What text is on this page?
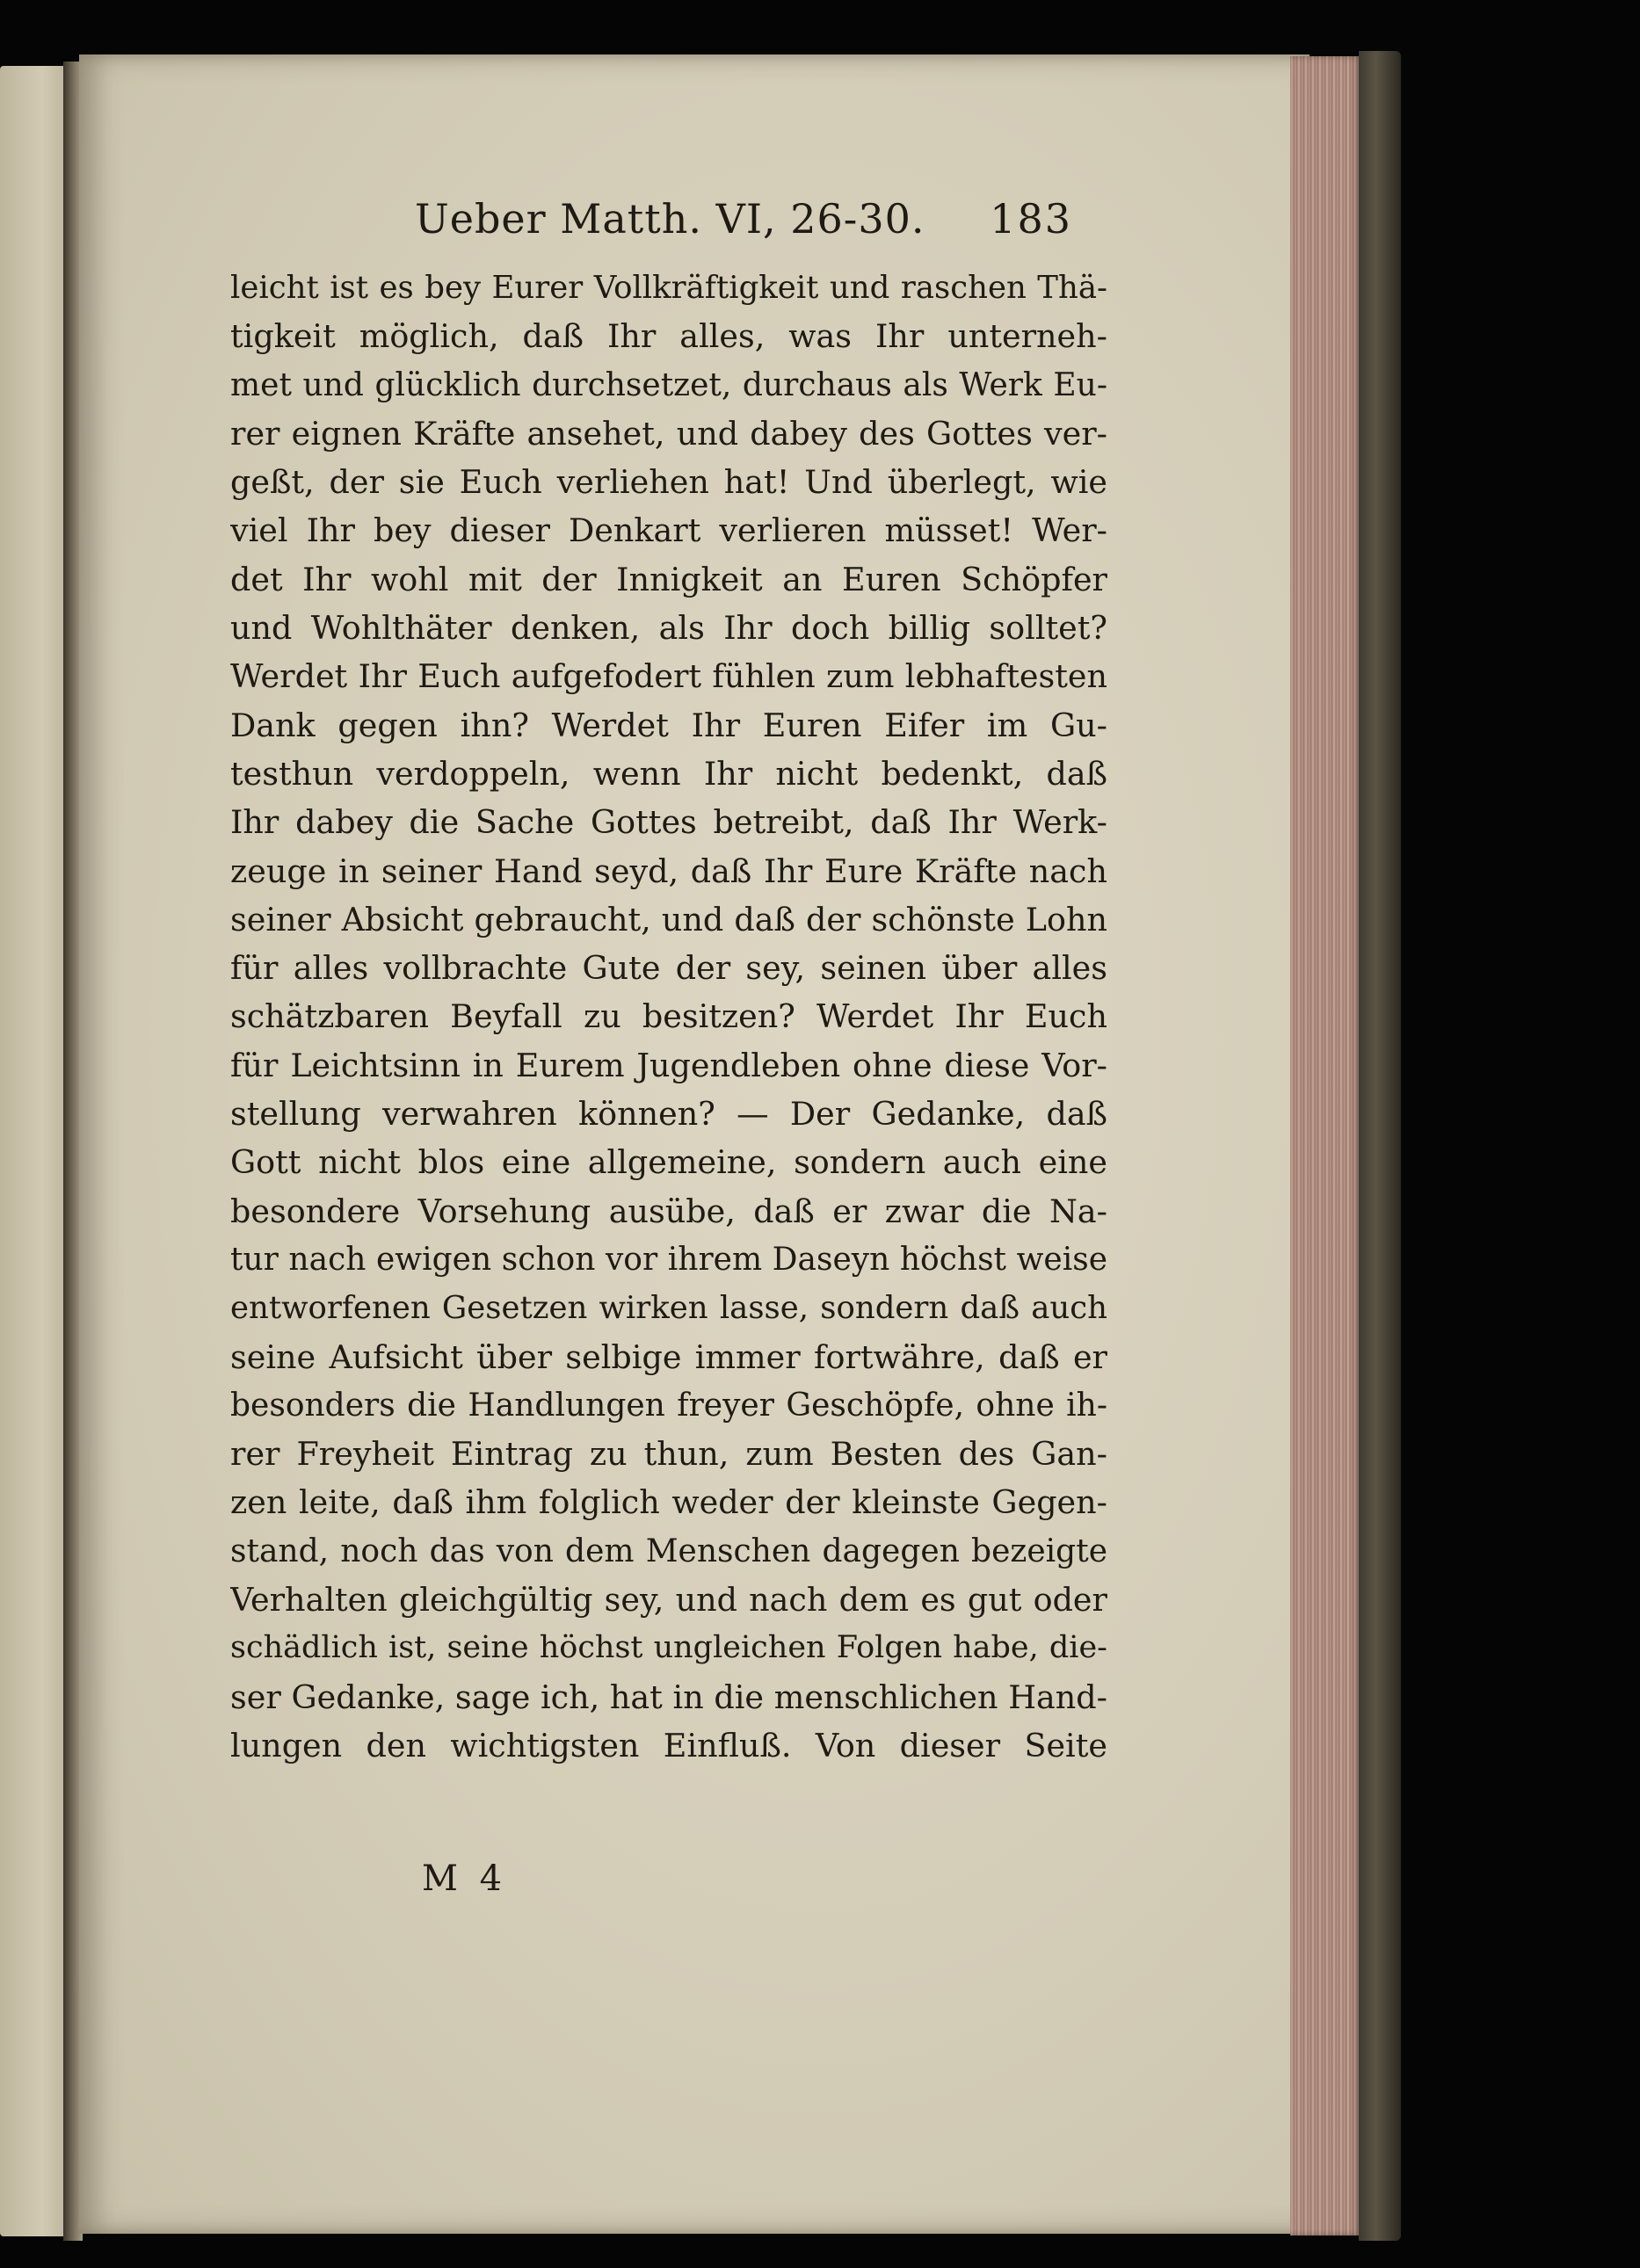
Ueber Matth. VI, 26-30. 183
leicht ist es bey Eurer Vollkräftigkeit und raschen Thä-
tigkeit möglich, daß Ihr alles, was Ihr unterneh-
met und glücklich durchsetzet, durchaus als Werk Eu-
rer eignen Kräfte ansehet, und dabey des Gottes ver-
geßt, der sie Euch verliehen hat! Und überlegt, wie
viel Ihr bey dieser Denkart verlieren müsset! Wer-
det Ihr wohl mit der Innigkeit an Euren Schöpfer
und Wohlthäter denken, als Ihr doch billig solltet?
Werdet Ihr Euch aufgefodert fühlen zum lebhaftesten
Dank gegen ihn? Werdet Ihr Euren Eifer im Gu-
testhun verdoppeln, wenn Ihr nicht bedenkt, daß
Ihr dabey die Sache Gottes betreibt, daß Ihr Werk-
zeuge in seiner Hand seyd, daß Ihr Eure Kräfte nach
seiner Absicht gebraucht, und daß der schönste Lohn
für alles vollbrachte Gute der sey, seinen über alles
schätzbaren Beyfall zu besitzen? Werdet Ihr Euch
für Leichtsinn in Eurem Jugendleben ohne diese Vor-
stellung verwahren können? — Der Gedanke, daß
Gott nicht blos eine allgemeine, sondern auch eine
besondere Vorsehung ausübe, daß er zwar die Na-
tur nach ewigen schon vor ihrem Daseyn höchst weise
entworfenen Gesetzen wirken lasse, sondern daß auch
seine Aufsicht über selbige immer fortwähre, daß er
besonders die Handlungen freyer Geschöpfe, ohne ih-
rer Freyheit Eintrag zu thun, zum Besten des Gan-
zen leite, daß ihm folglich weder der kleinste Gegen-
stand, noch das von dem Menschen dagegen bezeigte
Verhalten gleichgültig sey, und nach dem es gut oder
schädlich ist, seine höchst ungleichen Folgen habe, die-
ser Gedanke, sage ich, hat in die menschlichen Hand-
lungen den wichtigsten Einfluß. Von dieser Seite
M 4
